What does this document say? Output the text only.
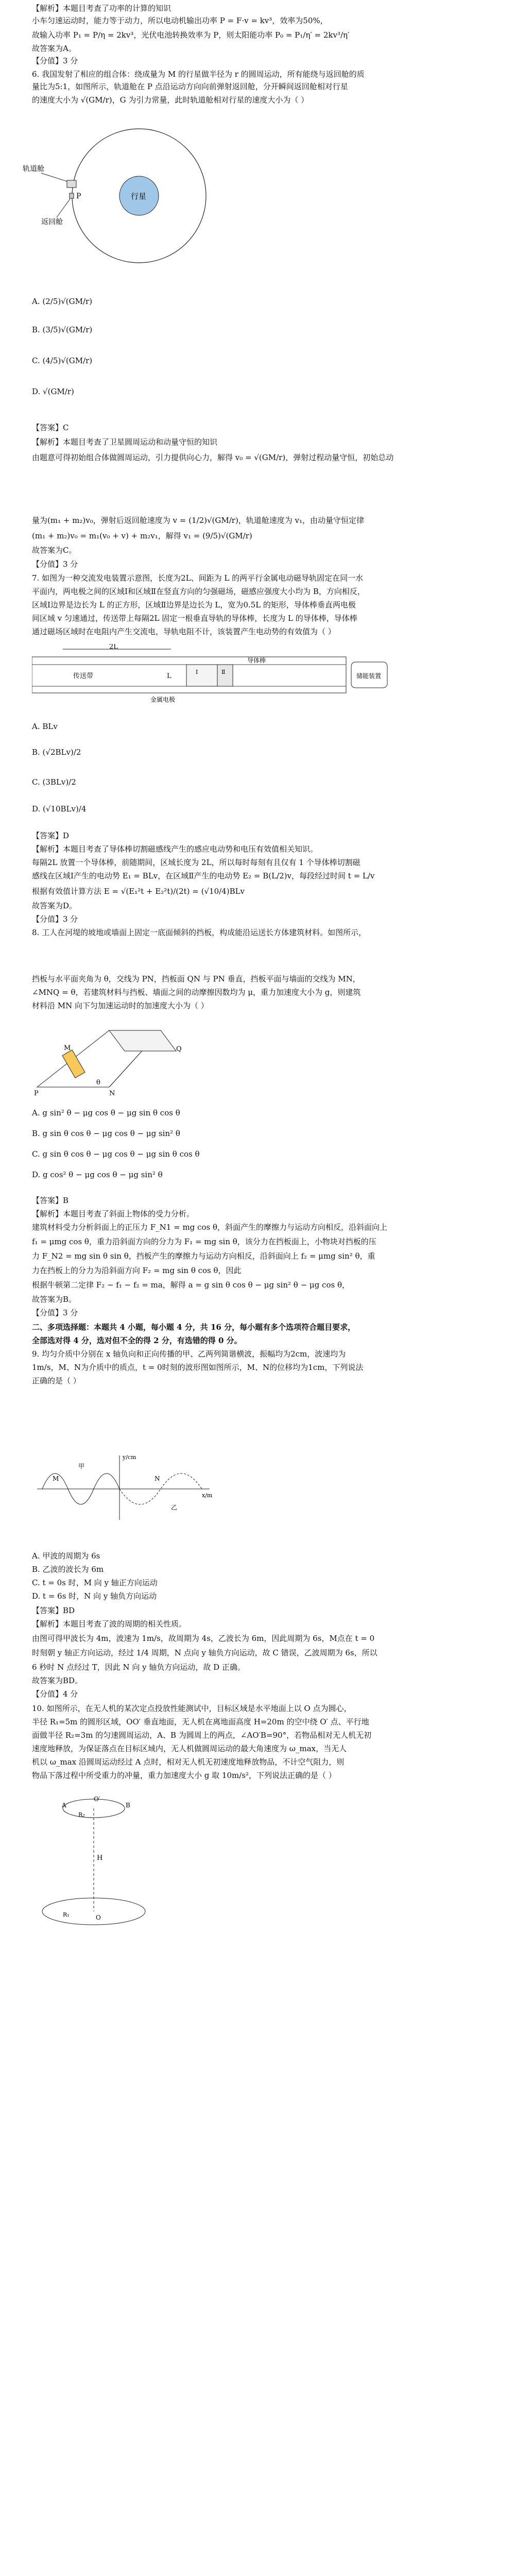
【解析】本题目考查了功率的计算的知识
小车匀速运动时，能力等于动力，所以电动机输出功率 P = F·v = kv³，效率为50%，
故输入功率 P₁ = P/η = 2kv³，光伏电池转换效率为 P，则太阳能功率 P₀ = P₁/η′ = 2kv³/η′
故答案为A。
【分值】3 分
6. 我国发射了相应的组合体：绕成量为 M 的行星做半径为 r 的圆周运动，所有能绕与返回舱的质
量比为5:1，如图所示，轨道舱在 P 点沿运动方向向前弹射返回舱，分开瞬间返回舱相对行星
的速度大小为 √(GM/r)，G 为引力常量，此时轨道舱相对行星的速度大小为（ ）
行星
轨道舱
P
返回舱
A. (2/5)√(GM/r)
B. (3/5)√(GM/r)
C. (4/5)√(GM/r)
D. √(GM/r)
【答案】C
【解析】本题目考查了卫星圆周运动和动量守恒的知识
由题意可得初始组合体做圆周运动，引力提供向心力，解得 v₀ = √(GM/r)，弹射过程动量守恒，初始总动
量为(m₁ + m₂)v₀，弹射后返回舱速度为 v = (1/2)√(GM/r)，轨道舱速度为 v₁，由动量守恒定律
(m₁ + m₂)v₀ = m₁(v₀ + v) + m₂v₁，解得 v₁ = (9/5)√(GM/r)
故答案为C。
【分值】3 分
7. 如图为一种交流发电装置示意图，长度为2L、间距为 L 的两平行金属电动磁导轨固定在同一水
平面内，两电极之间的区域Ⅰ和区域Ⅱ在竖直方向的匀强磁场，磁感应强度大小均为 B，方向相反，
区域Ⅰ边界是边长为 L 的正方形，区域Ⅱ边界是边长为 L，宽为0.5L 的矩形，导体棒垂直两电极
间区域 v 匀速通过，传送带上每隔2L 固定一根垂直导轨的导体棒，长度为 L 的导体棒，导体棒
通过磁场区域时在电阻内产生交流电，导轨电阻不计，该装置产生电动势的有效值为（ ）
2L
传送带
Ⅰ	Ⅱ
L
导体棒
金属电极
储能装置
A. BLv
B. (√2BLv)/2
C. (3BLv)/2
D. (√10BLv)/4
【答案】D
【解析】本题目考查了导体棒切割磁感线产生的感应电动势和电压有效值相关知识。
每隔2L 放置一个导体棒，前随期间，区域长度为 2L，所以每时每刻有且仅有 1 个导体棒切割磁
感线在区域Ⅰ产生的电动势 E₁ = BLv，在区域Ⅱ产生的电动势 E₂ = B(L/2)v，每段经过时间 t = L/v
根据有效值计算方法 E = √(E₁²t + E₂²t)/(2t) = (√10/4)BLv
故答案为D。
【分值】3 分
8. 工人在河堤的坡地或墙面上固定一底面倾斜的挡板，构成能沿运送长方体建筑材料。如图所示，
挡板与水平面夹角为 θ，交线为 PN，挡板面 QN 与 PN 垂直，挡板平面与墙面的交线为 MN，
∠MNQ = θ，若建筑材料与挡板、墙面之间的动摩擦因数均为 μ，重力加速度大小为 g，则建筑
材料沿 MN 向下匀加速运动时的加速度大小为（ ）
M
P	N
Q
θ
A. g sin² θ − μg cos θ − μg sin θ cos θ
B. g sin θ cos θ − μg cos θ − μg sin² θ
C. g sin θ cos θ − μg cos θ − μg sin θ cos θ
D. g cos² θ − μg cos θ − μg sin² θ
【答案】B
【解析】本题目考查了斜面上物体的受力分析。
建筑材料受力分析斜面上的正压力 F_N1 = mg cos θ，斜面产生的摩擦力与运动方向相反，沿斜面向上
f₁ = μmg cos θ，重力沿斜面方向的分力为 F₁ = mg sin θ，该分力在挡板面上，小物块对挡板的压
力 F_N2 = mg sin θ sin θ，挡板产生的摩擦力与运动方向相反，沿斜面向上 f₂ = μmg sin² θ，重
力在挡板上的分力为沿斜面方向 F₂ = mg sin θ cos θ，因此
根据牛顿第二定律 F₂ − f₁ − f₂ = ma，解得 a = g sin θ cos θ − μg sin² θ − μg cos θ，
故答案为B。
【分值】3 分
二、多项选择题：本题共 4 小题，每小题 4 分，共 16 分，每小题有多个选项符合题目要求，
全部选对得 4 分，选对但不全的得 2 分，有选错的得 0 分。
9. 均匀介质中分别在 x 轴负向和正向传播的甲、乙两列简谐横波，振幅均为2cm，波速均为
1m/s，M、N为介质中的质点，t = 0时刻的波形图如图所示，M、N的位移均为1cm，下列说法
正确的是（ ）
x/m
y/cm
M	N
甲
乙
A. 甲波的周期为 6s
B. 乙波的波长为 6m
C. t = 0s 时，M 向 y 轴正方向运动
D. t = 6s 时，N 向 y 轴负方向运动
【答案】BD
【解析】本题目考查了波的周期的相关性质。
由图可得甲波长为 4m，波速为 1m/s，故周期为 4s，乙波长为 6m，因此周期为 6s，M点在 t = 0
时刻朝 y 轴正方向运动，经过 1/4 周期，N 点向 y 轴负方向运动，故 C 错误，乙波周期为 6s，所以
6 秒时 N 点经过 T，因此 N 向 y 轴负方向运动，故 D 正确。
故答案为BD。
【分值】4 分
10. 如图所示，在无人机的某次定点投放性能测试中，目标区域是水平地面上以 O 点为圆心，
半径 R₁=5m 的圆形区域，OO′ 垂直地面，无人机在离地面高度 H=20m 的空中绕 O′ 点、平行地
面做半径 R₂=3m 的匀速圆周运动，A、B 为圆周上的两点，∠AO′B=90°，若物品相对无人机无初
速度地释放，为保证落点在目标区域内，无人机做圆周运动的最大角速度为 ω_max，当无人
机以 ω_max 沿圆周运动经过 A 点时，相对无人机无初速度地释放物品，不计空气阻力，则
物品下落过程中所受重力的冲量，重力加速度大小 g 取 10m/s²，下列说法正确的是（ ）
O′
A	B
R₂
H
O
R₁
